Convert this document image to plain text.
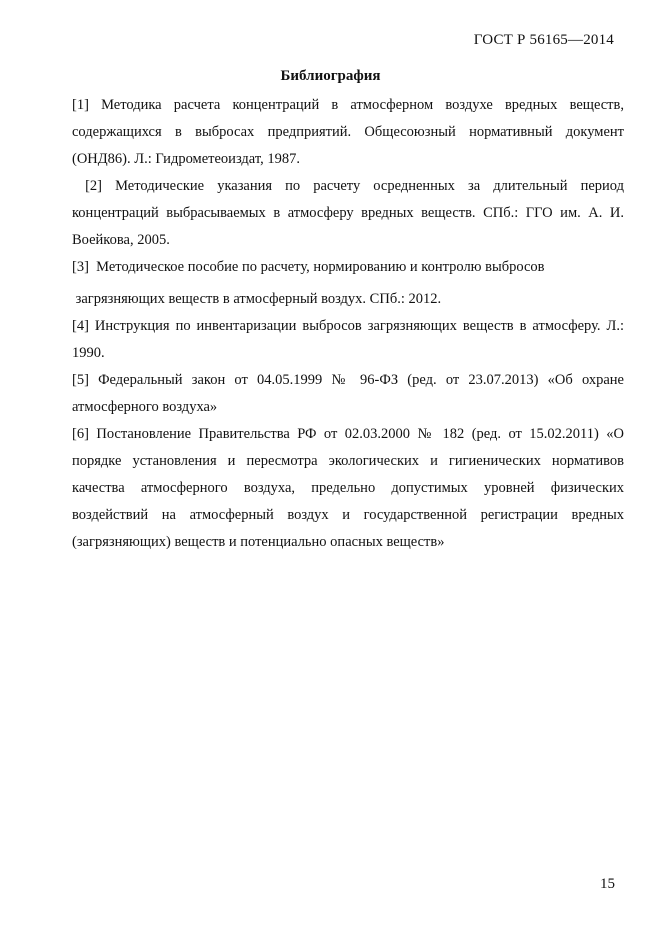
ГОСТ Р 56165—2014
Библиография

[1] Методика расчета концентраций в атмосферном воздухе вредных веществ, содержащихся в выбросах предприятий. Общесоюзный нормативный документ (ОНД86). Л.: Гидрометеоиздат, 1987.

[2] Методические указания по расчету осредненных за длительный период концентраций выбрасываемых в атмосферу вредных веществ. СПб.: ГГО им. А. И. Воейкова, 2005.

[3]  Методическое пособие по расчету, нормированию и контролю выбросов

загрязняющих веществ в атмосферный воздух. СПб.: 2012.

[4] Инструкция по инвентаризации выбросов загрязняющих веществ в атмосферу. Л.: 1990.

[5] Федеральный закон от 04.05.1999 № 96-ФЗ (ред. от 23.07.2013) «Об охране атмосферного воздуха»

[6] Постановление Правительства РФ от 02.03.2000 № 182 (ред. от 15.02.2011) «О порядке установления и пересмотра экологических и гигиенических нормативов качества атмосферного воздуха, предельно допустимых уровней физических воздействий на атмосферный воздух и государственной регистрации вредных (загрязняющих) веществ и потенциально опасных веществ»

15
